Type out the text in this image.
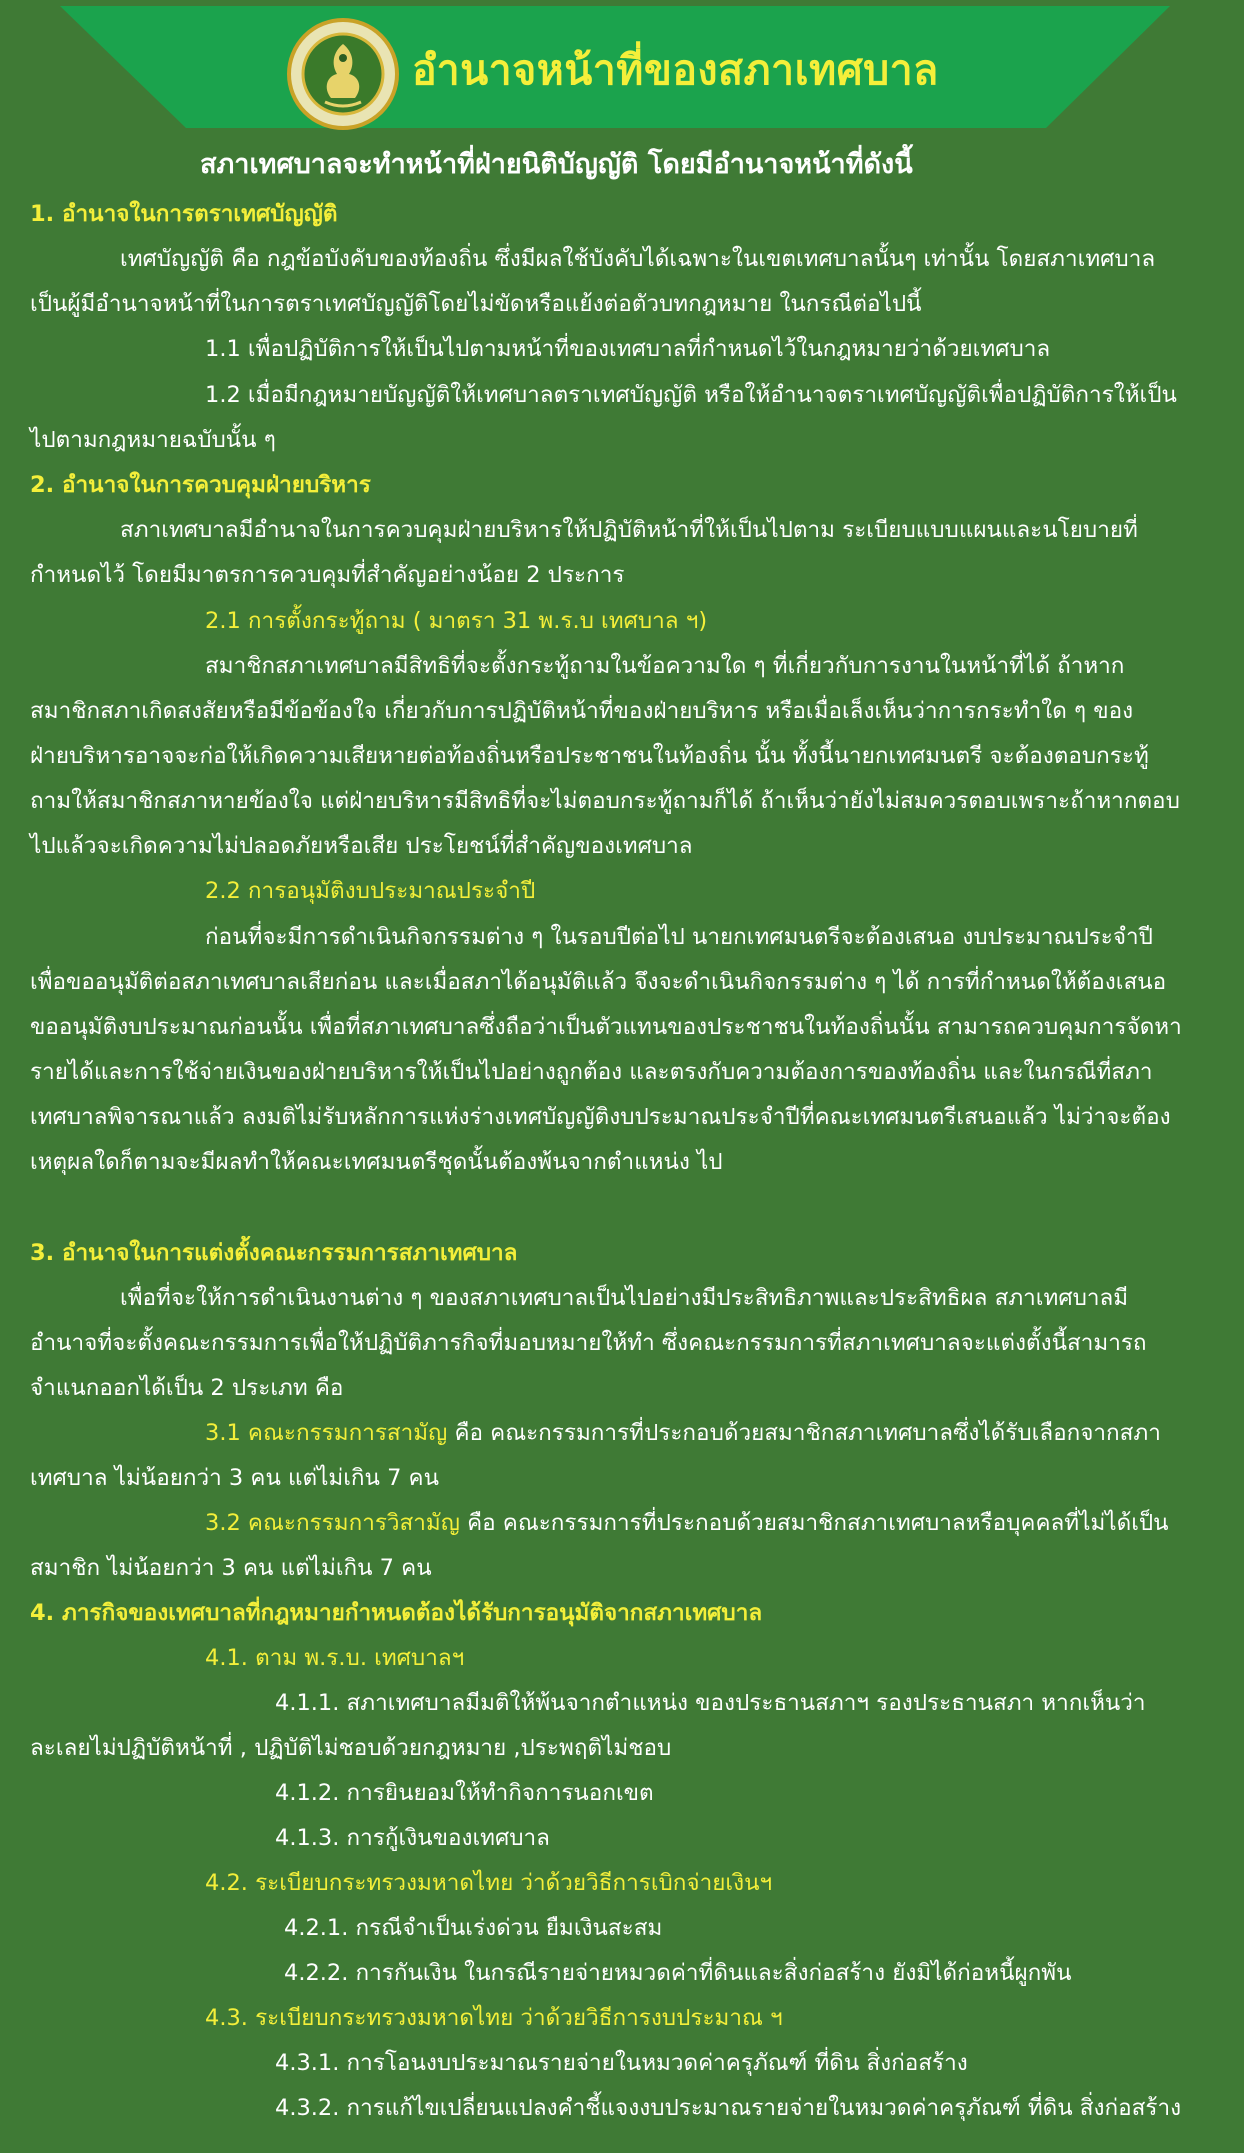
อำนาจหน้าที่ของสภาเทศบาล
สภาเทศบาลจะทำหน้าที่ฝ่ายนิติบัญญัติ โดยมีอำนาจหน้าที่ดังนี้
1. อำนาจในการตราเทศบัญญัติ
เทศบัญญัติ คือ กฎข้อบังคับของท้องถิ่น ซึ่งมีผลใช้บังคับได้เฉพาะในเขตเทศบาลนั้นๆ เท่านั้น โดยสภาเทศบาล
เป็นผู้มีอำนาจหน้าที่ในการตราเทศบัญญัติโดยไม่ขัดหรือแย้งต่อตัวบทกฎหมาย ในกรณีต่อไปนี้
1.1 เพื่อปฏิบัติการให้เป็นไปตามหน้าที่ของเทศบาลที่กำหนดไว้ในกฎหมายว่าด้วยเทศบาล
1.2 เมื่อมีกฎหมายบัญญัติให้เทศบาลตราเทศบัญญัติ หรือให้อำนาจตราเทศบัญญัติเพื่อปฏิบัติการให้เป็น
ไปตามกฎหมายฉบับนั้น ๆ
2. อำนาจในการควบคุมฝ่ายบริหาร
สภาเทศบาลมีอำนาจในการควบคุมฝ่ายบริหารให้ปฏิบัติหน้าที่ให้เป็นไปตาม ระเบียบแบบแผนและนโยบายที่
กำหนดไว้ โดยมีมาตรการควบคุมที่สำคัญอย่างน้อย 2 ประการ
2.1 การตั้งกระทู้ถาม ( มาตรา 31 พ.ร.บ เทศบาล ฯ)
สมาชิกสภาเทศบาลมีสิทธิที่จะตั้งกระทู้ถามในข้อความใด ๆ ที่เกี่ยวกับการงานในหน้าที่ได้ ถ้าหาก
สมาชิกสภาเกิดสงสัยหรือมีข้อข้องใจ เกี่ยวกับการปฏิบัติหน้าที่ของฝ่ายบริหาร หรือเมื่อเล็งเห็นว่าการกระทำใด ๆ ของ
ฝ่ายบริหารอาจจะก่อให้เกิดความเสียหายต่อท้องถิ่นหรือประชาชนในท้องถิ่น นั้น ทั้งนี้นายกเทศมนตรี จะต้องตอบกระทู้
ถามให้สมาชิกสภาหายข้องใจ แต่ฝ่ายบริหารมีสิทธิที่จะไม่ตอบกระทู้ถามก็ได้ ถ้าเห็นว่ายังไม่สมควรตอบเพราะถ้าหากตอบ
ไปแล้วจะเกิดความไม่ปลอดภัยหรือเสีย ประโยชน์ที่สำคัญของเทศบาล
2.2 การอนุมัติงบประมาณประจำปี
ก่อนที่จะมีการดำเนินกิจกรรมต่าง ๆ ในรอบปีต่อไป นายกเทศมนตรีจะต้องเสนอ งบประมาณประจำปี
เพื่อขออนุมัติต่อสภาเทศบาลเสียก่อน และเมื่อสภาได้อนุมัติแล้ว จึงจะดำเนินกิจกรรมต่าง ๆ ได้ การที่กำหนดให้ต้องเสนอ
ขออนุมัติงบประมาณก่อนนั้น เพื่อที่สภาเทศบาลซึ่งถือว่าเป็นตัวแทนของประชาชนในท้องถิ่นนั้น สามารถควบคุมการจัดหา
รายได้และการใช้จ่ายเงินของฝ่ายบริหารให้เป็นไปอย่างถูกต้อง และตรงกับความต้องการของท้องถิ่น และในกรณีที่สภา
เทศบาลพิจารณาแล้ว ลงมติไม่รับหลักการแห่งร่างเทศบัญญัติงบประมาณประจำปีที่คณะเทศมนตรีเสนอแล้ว ไม่ว่าจะต้อง
เหตุผลใดก็ตามจะมีผลทำให้คณะเทศมนตรีชุดนั้นต้องพ้นจากตำแหน่ง ไป
3. อำนาจในการแต่งตั้งคณะกรรมการสภาเทศบาล
เพื่อที่จะให้การดำเนินงานต่าง ๆ ของสภาเทศบาลเป็นไปอย่างมีประสิทธิภาพและประสิทธิผล สภาเทศบาลมี
อำนาจที่จะตั้งคณะกรรมการเพื่อให้ปฏิบัติภารกิจที่มอบหมายให้ทำ ซึ่งคณะกรรมการที่สภาเทศบาลจะแต่งตั้งนี้สามารถ
จำแนกออกได้เป็น 2 ประเภท คือ
3.1 คณะกรรมการสามัญ คือ คณะกรรมการที่ประกอบด้วยสมาชิกสภาเทศบาลซึ่งได้รับเลือกจากสภา
เทศบาล ไม่น้อยกว่า 3 คน แต่ไม่เกิน 7 คน
3.2 คณะกรรมการวิสามัญ คือ คณะกรรมการที่ประกอบด้วยสมาชิกสภาเทศบาลหรือบุคคลที่ไม่ได้เป็น
สมาชิก ไม่น้อยกว่า 3 คน แต่ไม่เกิน 7 คน
4. ภารกิจของเทศบาลที่กฎหมายกำหนดต้องได้รับการอนุมัติจากสภาเทศบาล
4.1. ตาม พ.ร.บ. เทศบาลฯ
4.1.1. สภาเทศบาลมีมติให้พ้นจากตำแหน่ง ของประธานสภาฯ รองประธานสภา หากเห็นว่า
ละเลยไม่ปฏิบัติหน้าที่ , ปฏิบัติไม่ชอบด้วยกฎหมาย ,ประพฤติไม่ชอบ
4.1.2. การยินยอมให้ทำกิจการนอกเขต
4.1.3. การกู้เงินของเทศบาล
4.2. ระเบียบกระทรวงมหาดไทย ว่าด้วยวิธีการเบิกจ่ายเงินฯ
4.2.1. กรณีจำเป็นเร่งด่วน ยืมเงินสะสม
4.2.2. การกันเงิน ในกรณีรายจ่ายหมวดค่าที่ดินและสิ่งก่อสร้าง ยังมิได้ก่อหนี้ผูกพัน
4.3. ระเบียบกระทรวงมหาดไทย ว่าด้วยวิธีการงบประมาณ ฯ
4.3.1. การโอนงบประมาณรายจ่ายในหมวดค่าครุภัณฑ์ ที่ดิน สิ่งก่อสร้าง
4.3.2. การแก้ไขเปลี่ยนแปลงคำชี้แจงงบประมาณรายจ่ายในหมวดค่าครุภัณฑ์ ที่ดิน สิ่งก่อสร้าง
